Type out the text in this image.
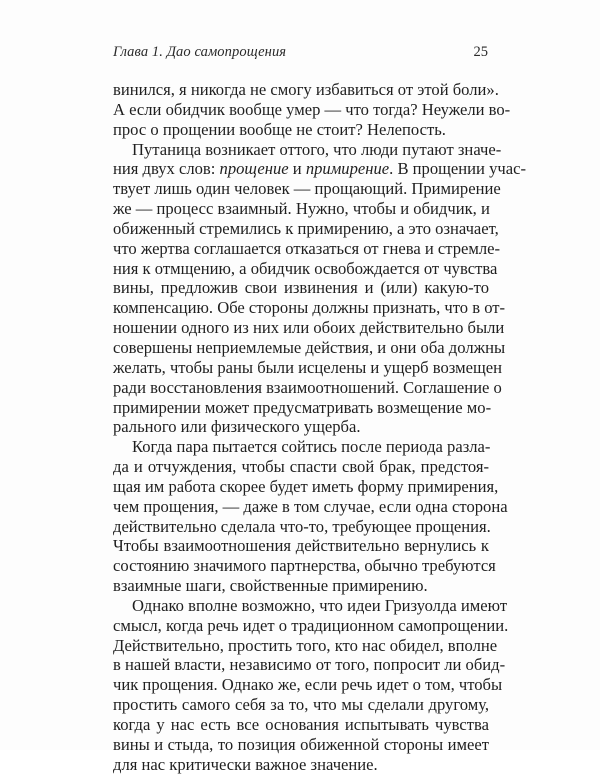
Глава 1. Дао самопрощения	25
винился, я никогда не смогу избавиться от этой боли».
А если обидчик вообще умер — что тогда? Неужели во-
прос о прощении вообще не стоит? Нелепость.
Путаница возникает оттого, что люди путают значе-
ния двух слов: прощение и примирение. В прощении учас-
твует лишь один человек — прощающий. Примирение
же — процесс взаимный. Нужно, чтобы и обидчик, и
обиженный стремились к примирению, а это означает,
что жертва соглашается отказаться от гнева и стремле-
ния к отмщению, а обидчик освобождается от чувства
вины, предложив свои извинения и (или) какую-то
компенсацию. Обе стороны должны признать, что в от-
ношении одного из них или обоих действительно были
совершены неприемлемые действия, и они оба должны
желать, чтобы раны были исцелены и ущерб возмещен
ради восстановления взаимоотношений. Соглашение о
примирении может предусматривать возмещение мо-
рального или физического ущерба.
Когда пара пытается сойтись после периода разла-
да и отчуждения, чтобы спасти свой брак, предстоя-
щая им работа скорее будет иметь форму примирения,
чем прощения, — даже в том случае, если одна сторона
действительно сделала что-то, требующее прощения.
Чтобы взаимоотношения действительно вернулись к
состоянию значимого партнерства, обычно требуются
взаимные шаги, свойственные примирению.
Однако вполне возможно, что идеи Гризуолда имеют
смысл, когда речь идет о традиционном самопрощении.
Действительно, простить того, кто нас обидел, вполне
в нашей власти, независимо от того, попросит ли обид-
чик прощения. Однако же, если речь идет о том, чтобы
простить самого себя за то, что мы сделали другому,
когда у нас есть все основания испытывать чувства
вины и стыда, то позиция обиженной стороны имеет
для нас критически важное значение.
